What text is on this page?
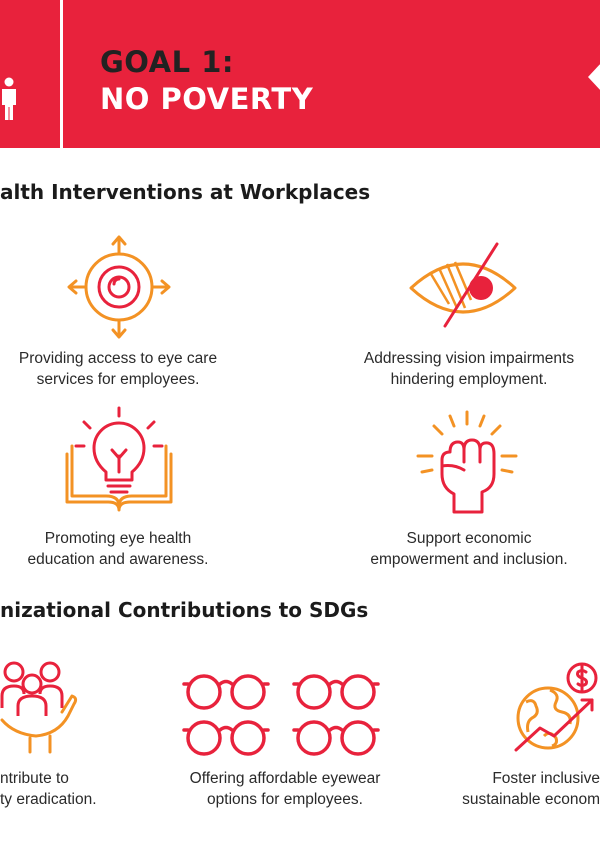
GOAL 1:
NO POVERTY
alth Interventions at Workplaces

Providing access to eye care
services for employees.

Addressing vision impairments
hindering employment.

Promoting eye health
education and awareness.

Support economic
empowerment and inclusion.

nizational Contributions to SDGs

ntribute to
ty eradication.

Offering affordable eyewear
options for employees.

Foster inclusive
sustainable econom
